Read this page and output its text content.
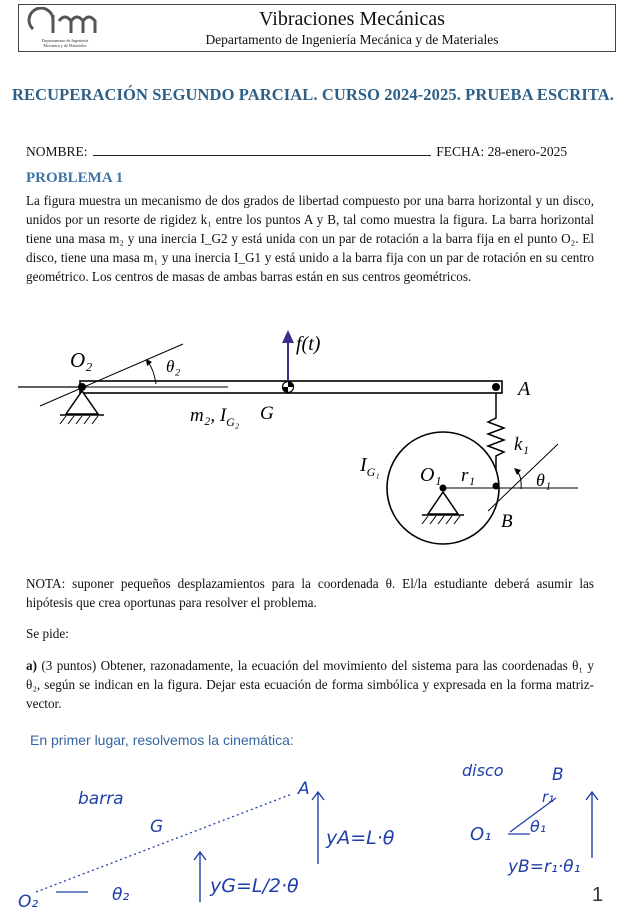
Departamento de Ingeniería
Mecánica y de Materiales
Vibraciones Mecánicas
Departamento de Ingeniería Mecánica y de Materiales
RECUPERACIÓN SEGUNDO PARCIAL. CURSO 2024-2025. PRUEBA ESCRITA.
NOMBRE:	FECHA: 28-enero-2025
PROBLEMA 1
La figura muestra un mecanismo de dos grados de libertad compuesto por una barra horizontal y un disco, unidos por un resorte de rigidez k₁ entre los puntos A y B, tal como muestra la figura. La barra horizontal tiene una masa m₂ y una inercia I_G2 y está unida con un par de rotación a la barra fija en el punto O₂. El disco, tiene una masa m₁ y una inercia I_G1 y está unido a la barra fija con un par de rotación en su centro geométrico. Los centros de masas de ambas barras están en sus centros geométricos.
θ₂
O₂
G
m₂, $I_{G_2}$
f(t)
A
k₁
θ₁
O₁ r₁
B
$I_{G_1}$
NOTA: suponer pequeños desplazamientos para la coordenada θ. El/la estudiante deberá asumir las hipótesis que crea oportunas para resolver el problema.
Se pide:
a) (3 puntos) Obtener, razonadamente, la ecuación del movimiento del sistema para las coordenadas θ₁ y θ₂, según se indican en la figura. Dejar esta ecuación de forma simbólica y expresada en la forma matriz-vector.
En primer lugar, resolvemos la cinemática:
barra	A
G
O₂	θ₂	yG=L/2·θ
yA=L·θ
disco	B
r₁
O₁ θ₁
yB=r₁·θ₁
1
